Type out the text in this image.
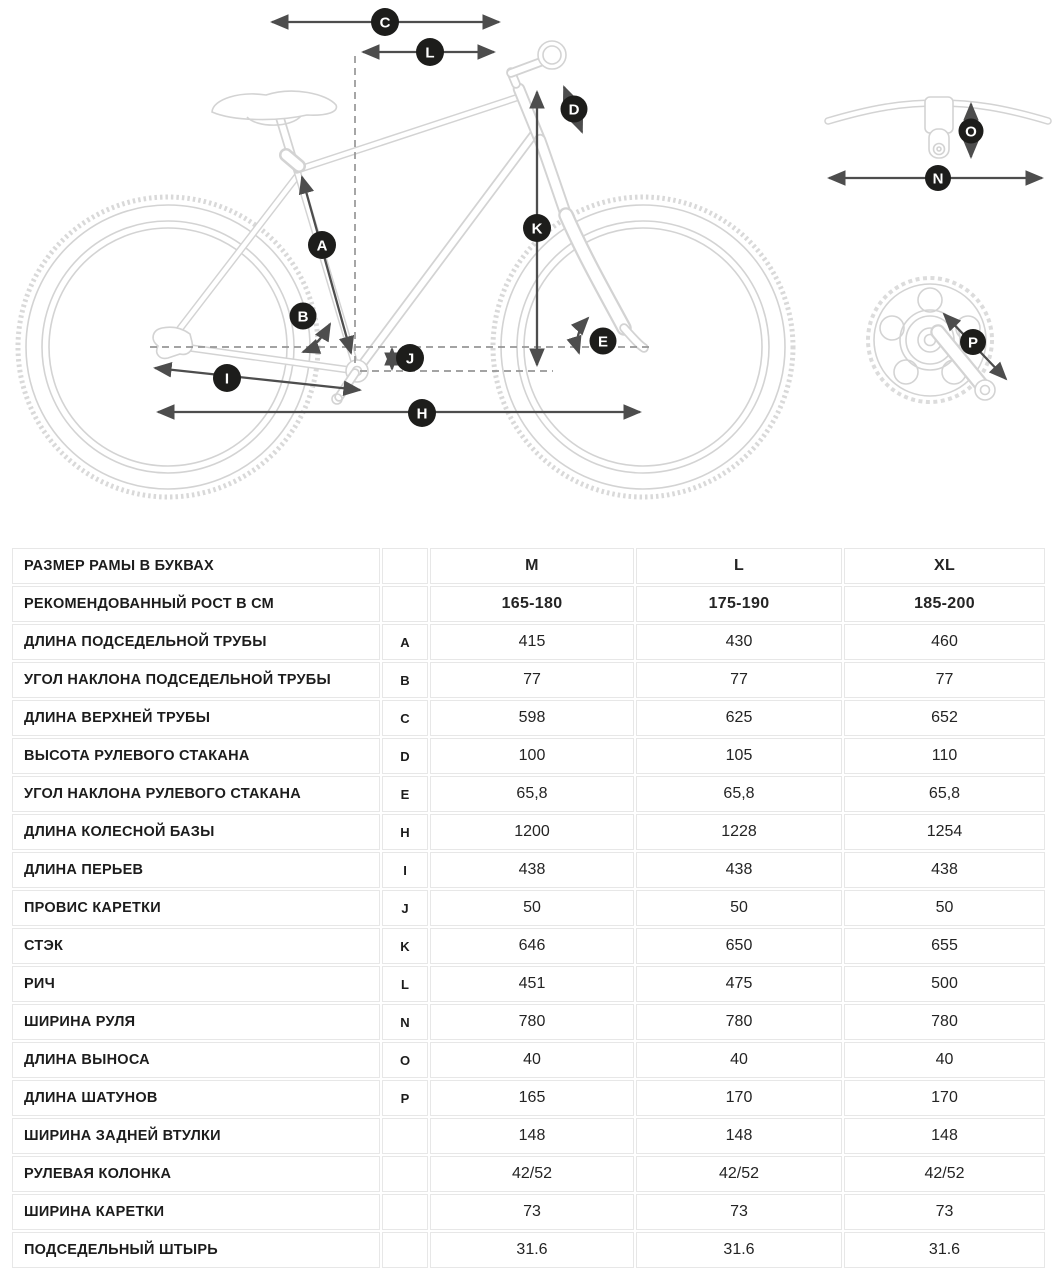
C
L
A
B
D
E
K
J
I
H
N
O
P
РАЗМЕР РАМЫ В БУКВАХ		M	L	XL
РЕКОМЕНДОВАННЫЙ РОСТ В СМ		165-180	175-190	185-200
ДЛИНА ПОДСЕДЕЛЬНОЙ ТРУБЫ	A	415	430	460
УГОЛ НАКЛОНА ПОДСЕДЕЛЬНОЙ ТРУБЫ	B	77	77	77
ДЛИНА ВЕРХНЕЙ ТРУБЫ	C	598	625	652
ВЫСОТА РУЛЕВОГО СТАКАНА	D	100	105	110
УГОЛ НАКЛОНА РУЛЕВОГО СТАКАНА	E	65,8	65,8	65,8
ДЛИНА КОЛЕСНОЙ БАЗЫ	H	1200	1228	1254
ДЛИНА ПЕРЬЕВ	I	438	438	438
ПРОВИС КАРЕТКИ	J	50	50	50
СТЭК	K	646	650	655
РИЧ	L	451	475	500
ШИРИНА РУЛЯ	N	780	780	780
ДЛИНА ВЫНОСА	O	40	40	40
ДЛИНА ШАТУНОВ	P	165	170	170
ШИРИНА ЗАДНЕЙ ВТУЛКИ		148	148	148
РУЛЕВАЯ КОЛОНКА		42/52	42/52	42/52
ШИРИНА КАРЕТКИ		73	73	73
ПОДСЕДЕЛЬНЫЙ ШТЫРЬ		31.6	31.6	31.6
